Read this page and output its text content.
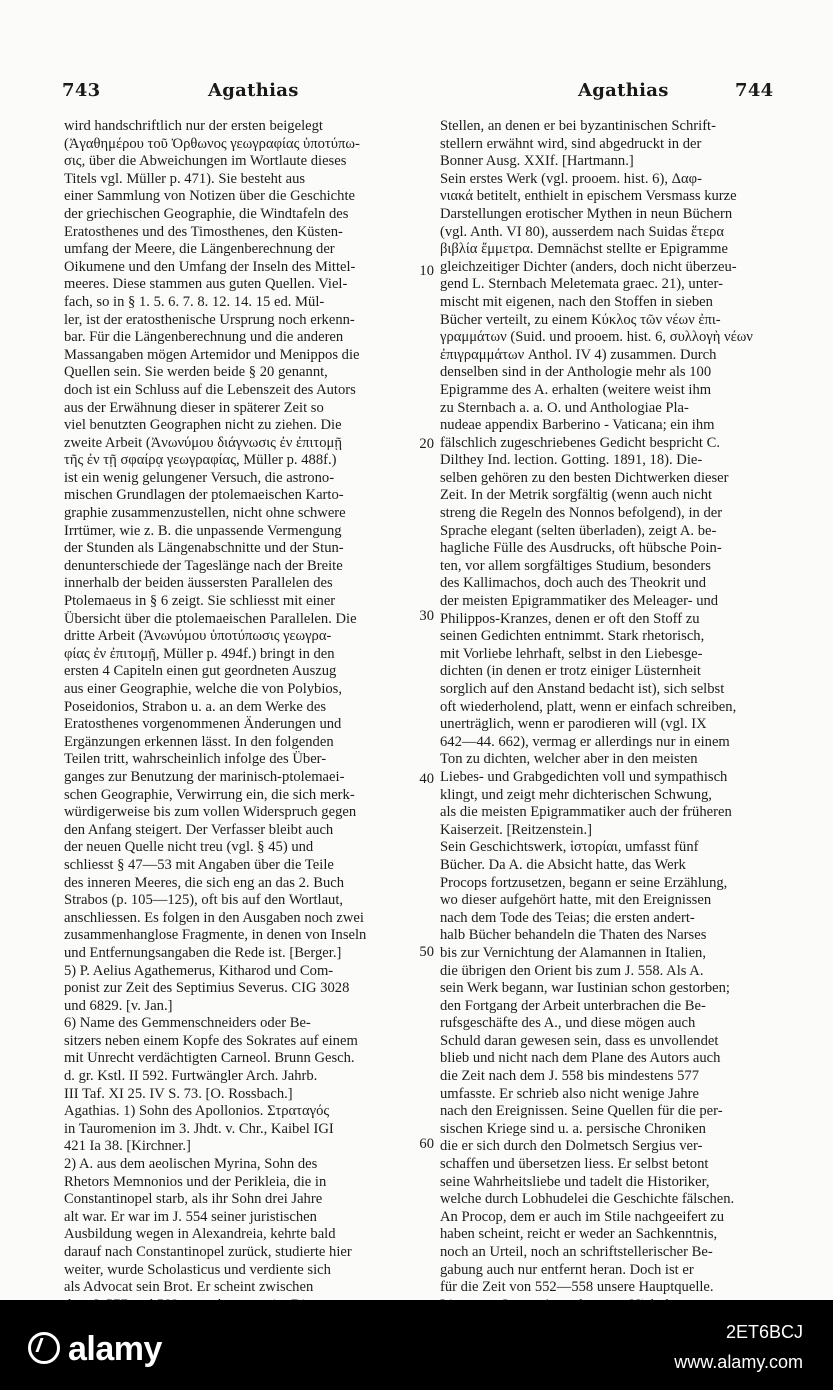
743	Agathias	Agathias	744
wird handschriftlich nur der ersten beigelegt
(Ἀγαθημέρου τοῦ Ὀρθωνος γεωγραφίας ὑποτύπω-
σις, über die Abweichungen im Wortlaute dieses
Titels vgl. Müller p. 471). Sie besteht aus
einer Sammlung von Notizen über die Geschichte
der griechischen Geographie, die Windtafeln des
Eratosthenes und des Timosthenes, den Küsten-
umfang der Meere, die Längenberechnung der
Oikumene und den Umfang der Inseln des Mittel-
meeres. Diese stammen aus guten Quellen. Viel-
fach, so in § 1. 5. 6. 7. 8. 12. 14. 15 ed. Mül-
ler, ist der eratosthenische Ursprung noch erkenn-
bar. Für die Längenberechnung und die anderen
Massangaben mögen Artemidor und Menippos die
Quellen sein. Sie werden beide § 20 genannt,
doch ist ein Schluss auf die Lebenszeit des Autors
aus der Erwähnung dieser in späterer Zeit so
viel benutzten Geographen nicht zu ziehen. Die
zweite Arbeit (Ἀνωνύμου διάγνωσις ἐν ἐπιτομῇ
τῆς ἐν τῇ σφαίρᾳ γεωγραφίας, Müller p. 488f.)
ist ein wenig gelungener Versuch, die astrono-
mischen Grundlagen der ptolemaeischen Karto-
graphie zusammenzustellen, nicht ohne schwere
Irrtümer, wie z. B. die unpassende Vermengung
der Stunden als Längenabschnitte und der Stun-
denunterschiede der Tageslänge nach der Breite
innerhalb der beiden äussersten Parallelen des
Ptolemaeus in § 6 zeigt. Sie schliesst mit einer
Übersicht über die ptolemaeischen Parallelen. Die
dritte Arbeit (Ἀνωνύμου ὑποτύπωσις γεωγρα-
φίας ἐν ἐπιτομῇ, Müller p. 494f.) bringt in den
ersten 4 Capiteln einen gut geordneten Auszug
aus einer Geographie, welche die von Polybios,
Poseidonios, Strabon u. a. an dem Werke des
Eratosthenes vorgenommenen Änderungen und
Ergänzungen erkennen lässt. In den folgenden
Teilen tritt, wahrscheinlich infolge des Über-
ganges zur Benutzung der marinisch-ptolemaei-
schen Geographie, Verwirrung ein, die sich merk-
würdigerweise bis zum vollen Widerspruch gegen
den Anfang steigert. Der Verfasser bleibt auch
der neuen Quelle nicht treu (vgl. § 45) und
schliesst § 47—53 mit Angaben über die Teile
des inneren Meeres, die sich eng an das 2. Buch
Strabos (p. 105—125), oft bis auf den Wortlaut,
anschliessen. Es folgen in den Ausgaben noch zwei
zusammenhanglose Fragmente, in denen von Inseln
und Entfernungsangaben die Rede ist. [Berger.]
5) P. Aelius Agathemerus, Kitharod und Com-
ponist zur Zeit des Septimius Severus. CIG 3028
und 6829. [v. Jan.]
6) Name des Gemmenschneiders oder Be-
sitzers neben einem Kopfe des Sokrates auf einem
mit Unrecht verdächtigten Carneol. Brunn Gesch.
d. gr. Kstl. II 592. Furtwängler Arch. Jahrb.
III Taf. XI 25. IV S. 73. [O. Rossbach.]
Agathias. 1) Sohn des Apollonios. Στραταγός
in Tauromenion im 3. Jhdt. v. Chr., Kaibel IGI
421 Ia 38. [Kirchner.]
2) A. aus dem aeolischen Myrina, Sohn des
Rhetors Memnonios und der Perikleia, die in
Constantinopel starb, als ihr Sohn drei Jahre
alt war. Er war im J. 554 seiner juristischen
Ausbildung wegen in Alexandreia, kehrte bald
darauf nach Constantinopel zurück, studierte hier
weiter, wurde Scholasticus und verdiente sich
als Advocat sein Brot. Er scheint zwischen
Stellen, an denen er bei byzantinischen Schrift-
stellern erwähnt wird, sind abgedruckt in der
Bonner Ausg. XXIf. [Hartmann.]
Sein erstes Werk (vgl. prooem. hist. 6), Δαφ-
νιακά betitelt, enthielt in epischem Versmass kurze
Darstellungen erotischer Mythen in neun Büchern
(vgl. Anth. VI 80), ausserdem nach Suidas ἕτερα
βιβλία ἔμμετρα. Demnächst stellte er Epigramme
gleichzeitiger Dichter (anders, doch nicht überzeu-
gend L. Sternbach Meletemata graec. 21), unter-
mischt mit eigenen, nach den Stoffen in sieben
Bücher verteilt, zu einem Κύκλος τῶν νέων ἐπι-
γραμμάτων (Suid. und prooem. hist. 6, συλλογὴ νέων
ἐπιγραμμάτων Anthol. IV 4) zusammen. Durch
denselben sind in der Anthologie mehr als 100
Epigramme des A. erhalten (weitere weist ihm
zu Sternbach a. a. O. und Anthologiae Pla-
nudeae appendix Barberino - Vaticana; ein ihm
fälschlich zugeschriebenes Gedicht bespricht C.
Dilthey Ind. lection. Gotting. 1891, 18). Die-
selben gehören zu den besten Dichtwerken dieser
Zeit. In der Metrik sorgfältig (wenn auch nicht
streng die Regeln des Nonnos befolgend), in der
Sprache elegant (selten überladen), zeigt A. be-
hagliche Fülle des Ausdrucks, oft hübsche Poin-
ten, vor allem sorgfältiges Studium, besonders
des Kallimachos, doch auch des Theokrit und
der meisten Epigrammatiker des Meleager- und
Philippos-Kranzes, denen er oft den Stoff zu
seinen Gedichten entnimmt. Stark rhetorisch,
mit Vorliebe lehrhaft, selbst in den Liebesge-
dichten (in denen er trotz einiger Lüsternheit
sorglich auf den Anstand bedacht ist), sich selbst
oft wiederholend, platt, wenn er einfach schreiben,
unerträglich, wenn er parodieren will (vgl. IX
642—44. 662), vermag er allerdings nur in einem
Ton zu dichten, welcher aber in den meisten
Liebes- und Grabgedichten voll und sympathisch
klingt, und zeigt mehr dichterischen Schwung,
als die meisten Epigrammatiker auch der früheren
Kaiserzeit. [Reitzenstein.]
Sein Geschichtswerk, ἱστορίαι, umfasst fünf
Bücher. Da A. die Absicht hatte, das Werk
Procops fortzusetzen, begann er seine Erzählung,
wo dieser aufgehört hatte, mit den Ereignissen
nach dem Tode des Teias; die ersten andert-
halb Bücher behandeln die Thaten des Narses
bis zur Vernichtung der Alamannen in Italien,
die übrigen den Orient bis zum J. 558. Als A.
sein Werk begann, war Iustinian schon gestorben;
den Fortgang der Arbeit unterbrachen die Be-
rufsgeschäfte des A., und diese mögen auch
Schuld daran gewesen sein, dass es unvollendet
blieb und nicht nach dem Plane des Autors auch
die Zeit nach dem J. 558 bis mindestens 577
umfasste. Er schrieb also nicht wenige Jahre
nach den Ereignissen. Seine Quellen für die per-
sischen Kriege sind u. a. persische Chroniken
die er sich durch den Dolmetsch Sergius ver-
schaffen und übersetzen liess. Er selbst betont
seine Wahrheitsliebe und tadelt die Historiker,
welche durch Lobhudelei die Geschichte fälschen.
An Procop, dem er auch im Stile nachgeeifert zu
haben scheint, reicht er weder an Sachkenntnis,
noch an Urteil, noch an schriftstellerischer Be-
gabung auch nur entfernt heran. Doch ist er
für die Zeit von 552—558 unsere Hauptquelle.
10
20
30
40
50
60
alamy	2ET6BCJ
www.alamy.com
